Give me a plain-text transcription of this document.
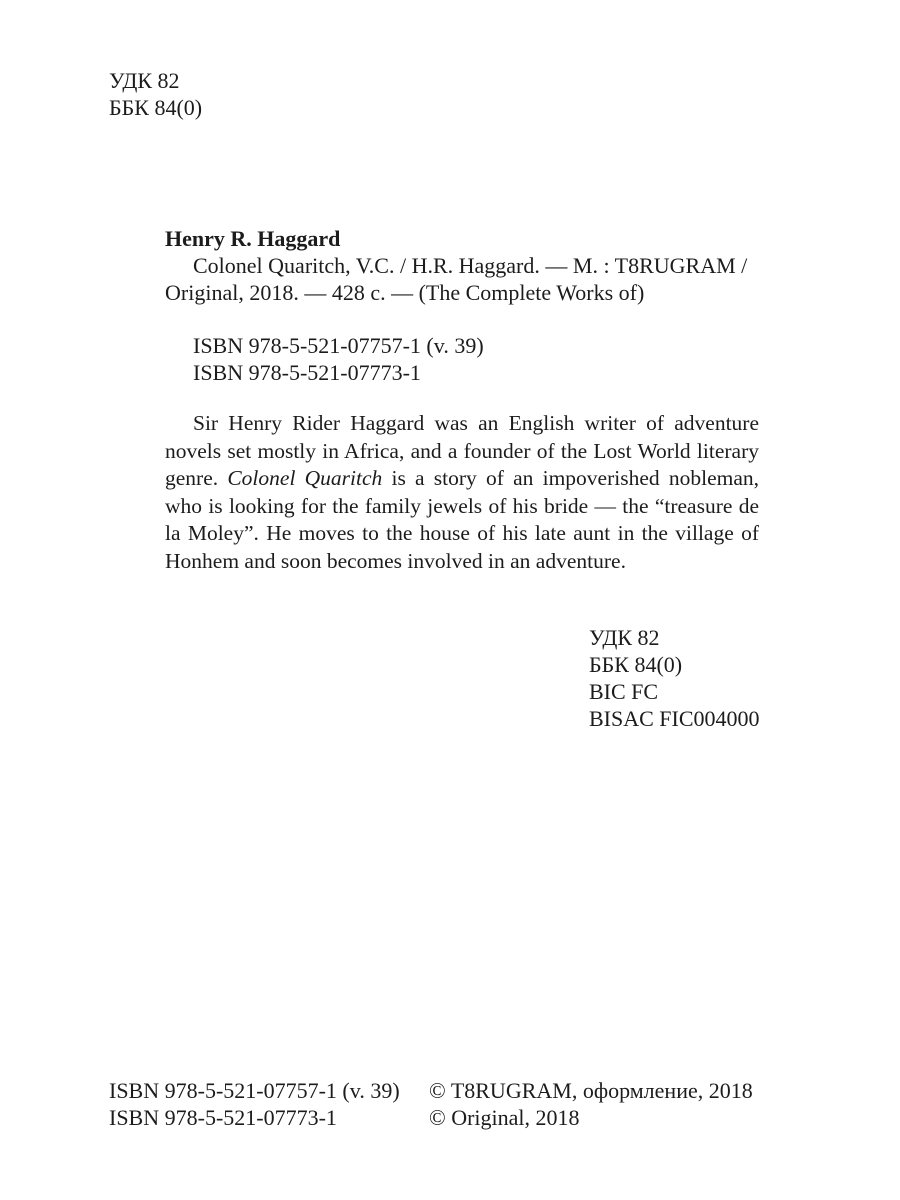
УДК 82
ББК 84(0)
Henry R. Haggard
Colonel Quaritch, V.C. / H.R. Haggard. — M. : T8RUGRAM /
Original, 2018. — 428 с. — (The Complete Works of)
ISBN 978-5-521-07757-1 (v. 39)
ISBN 978-5-521-07773-1

Sir Henry Rider Haggard was an English writer of adventure novels set mostly in Africa, and a founder of the Lost World literary genre. Colonel Quaritch is a story of an impoverished nobleman, who is looking for the family jewels of his bride — the “treasure de la Moley”. He moves to the house of his late aunt in the village of Honhem and soon becomes involved in an adventure.

УДК 82
ББК 84(0)
BIC FC
BISAC FIC004000
ISBN 978-5-521-07757-1 (v. 39)	© T8RUGRAM, оформление, 2018
ISBN 978-5-521-07773-1	© Original, 2018
